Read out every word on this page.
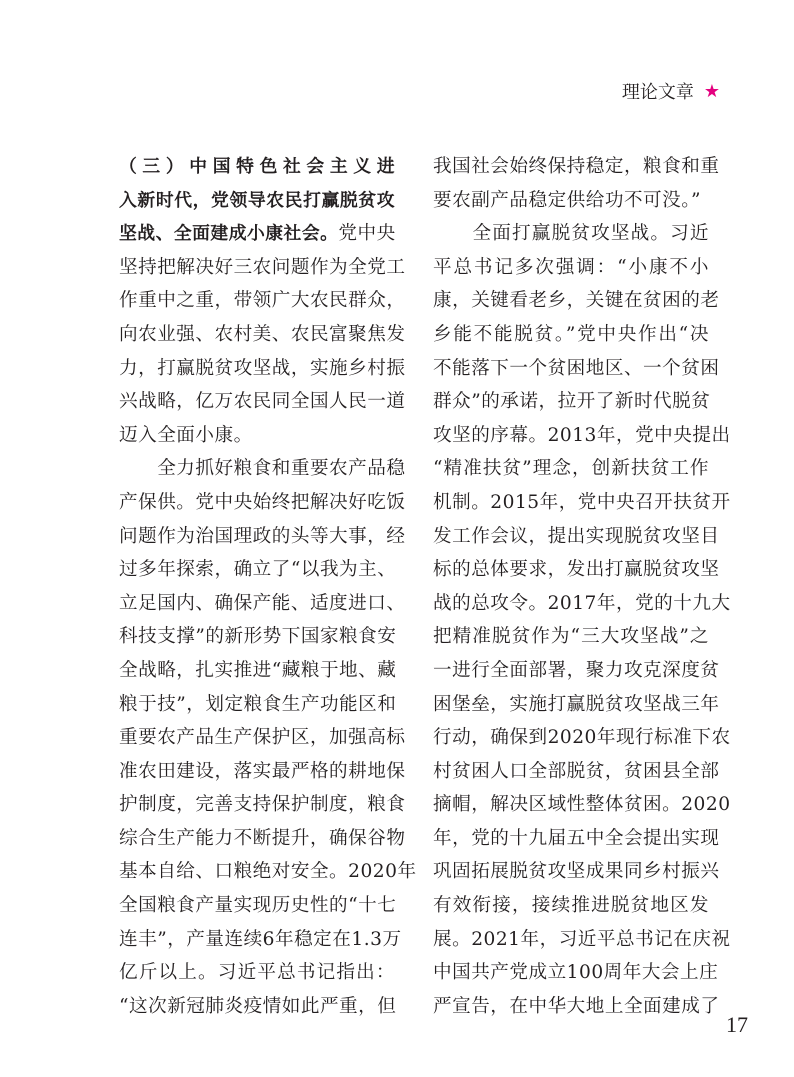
理论文章 ★
（三）中国特色社会主义进
入新时代，党领导农民打赢脱贫攻
坚战、全面建成小康社会。党中央
坚持把解决好三农问题作为全党工
作重中之重，带领广大农民群众，
向农业强、农村美、农民富聚焦发
力，打赢脱贫攻坚战，实施乡村振
兴战略，亿万农民同全国人民一道
迈入全面小康。
　　全力抓好粮食和重要农产品稳
产保供。党中央始终把解决好吃饭
问题作为治国理政的头等大事，经
过多年探索，确立了“以我为主、
立足国内、确保产能、适度进口、
科技支撑”的新形势下国家粮食安
全战略，扎实推进“藏粮于地、藏
粮于技”，划定粮食生产功能区和
重要农产品生产保护区，加强高标
准农田建设，落实最严格的耕地保
护制度，完善支持保护制度，粮食
综合生产能力不断提升，确保谷物
基本自给、口粮绝对安全。2020年
全国粮食产量实现历史性的“十七
连丰”，产量连续6年稳定在1.3万
亿斤以上。习近平总书记指出：
“这次新冠肺炎疫情如此严重，但
我国社会始终保持稳定，粮食和重
要农副产品稳定供给功不可没。”
　　全面打赢脱贫攻坚战。习近
平总书记多次强调：“小康不小
康，关键看老乡，关键在贫困的老
乡能不能脱贫。”党中央作出“决
不能落下一个贫困地区、一个贫困
群众”的承诺，拉开了新时代脱贫
攻坚的序幕。2013年，党中央提出
“精准扶贫”理念，创新扶贫工作
机制。2015年，党中央召开扶贫开
发工作会议，提出实现脱贫攻坚目
标的总体要求，发出打赢脱贫攻坚
战的总攻令。2017年，党的十九大
把精准脱贫作为“三大攻坚战”之
一进行全面部署，聚力攻克深度贫
困堡垒，实施打赢脱贫攻坚战三年
行动，确保到2020年现行标准下农
村贫困人口全部脱贫，贫困县全部
摘帽，解决区域性整体贫困。2020
年，党的十九届五中全会提出实现
巩固拓展脱贫攻坚成果同乡村振兴
有效衔接，接续推进脱贫地区发
展。2021年，习近平总书记在庆祝
中国共产党成立100周年大会上庄
严宣告，在中华大地上全面建成了
17
